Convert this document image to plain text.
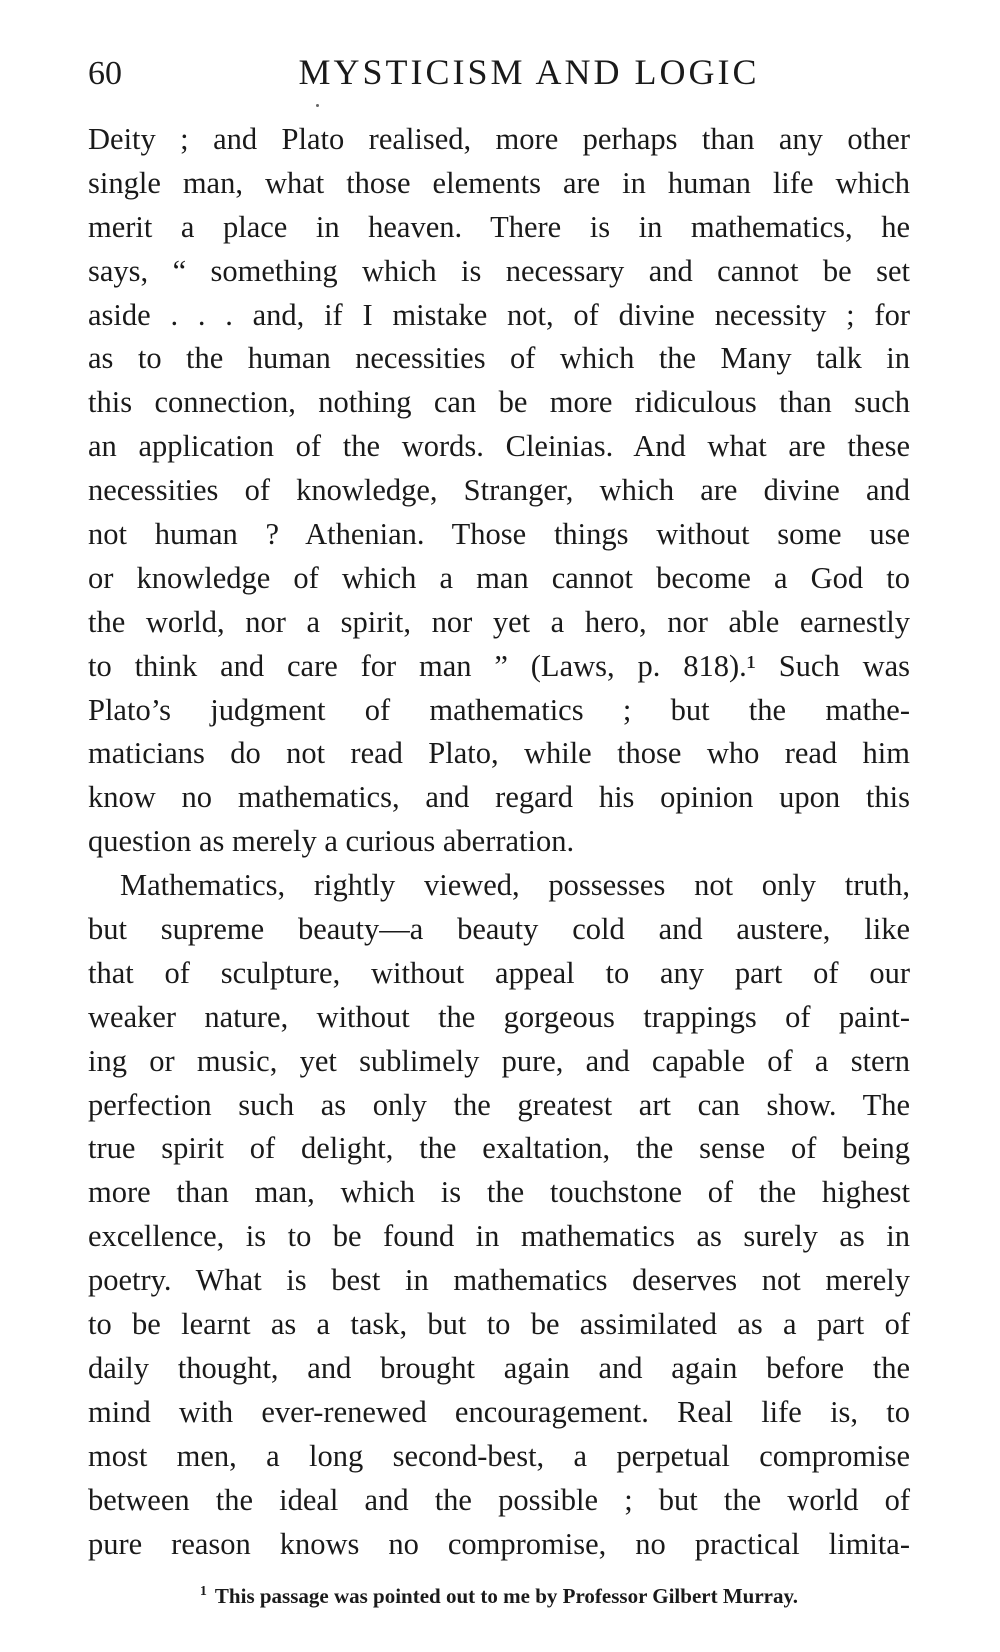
60	MYSTICISM AND LOGIC
Deity ; and Plato realised, more perhaps than any other
single man, what those elements are in human life which
merit a place in heaven. There is in mathematics, he
says, “ something which is necessary and cannot be set
aside . . . and, if I mistake not, of divine necessity ; for
as to the human necessities of which the Many talk in
this connection, nothing can be more ridiculous than such
an application of the words. Cleinias. And what are these
necessities of knowledge, Stranger, which are divine and
not human ? Athenian. Those things without some use
or knowledge of which a man cannot become a God to
the world, nor a spirit, nor yet a hero, nor able earnestly
to think and care for man ” (Laws, p. 818).¹ Such was
Plato’s judgment of mathematics ; but the mathe-
maticians do not read Plato, while those who read him
know no mathematics, and regard his opinion upon this
question as merely a curious aberration.
Mathematics, rightly viewed, possesses not only truth,
but supreme beauty—a beauty cold and austere, like
that of sculpture, without appeal to any part of our
weaker nature, without the gorgeous trappings of paint-
ing or music, yet sublimely pure, and capable of a stern
perfection such as only the greatest art can show. The
true spirit of delight, the exaltation, the sense of being
more than man, which is the touchstone of the highest
excellence, is to be found in mathematics as surely as in
poetry. What is best in mathematics deserves not merely
to be learnt as a task, but to be assimilated as a part of
daily thought, and brought again and again before the
mind with ever-renewed encouragement. Real life is, to
most men, a long second-best, a perpetual compromise
between the ideal and the possible ; but the world of
pure reason knows no compromise, no practical limita-
$^1$ This passage was pointed out to me by Professor Gilbert Murray.
